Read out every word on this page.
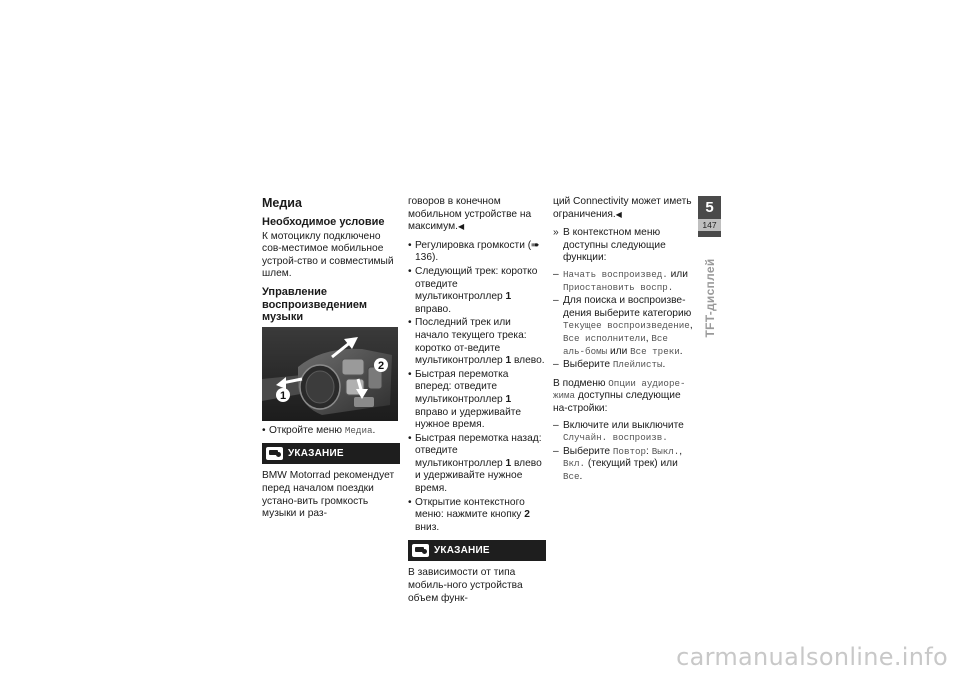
Медиа
Необходимое условие

К мотоциклу подключено сов-местимое мобильное устрой-ство и совместимый шлем.

Управление воспроизведением музыки
1
2
• Откройте меню Медиа.
УКАЗАНИЕ

BMW Motorrad рекомендует перед началом поездки устано-вить громкость музыки и раз-

говоров в конечном мобильном устройстве на максимум.◀

• Регулировка громкости (➠ 136).
• Следующий трек: коротко отведите мультиконтроллер 1 вправо.
• Последний трек или начало текущего трека: коротко от-ведите мультиконтроллер 1 влево.
• Быстрая перемотка вперед: отведите мультиконтроллер 1 вправо и удерживайте нужное время.
• Быстрая перемотка назад: отведите мультиконтроллер 1 влево и удерживайте нужное время.
• Открытие контекстного меню: нажмите кнопку 2 вниз.
УКАЗАНИЕ

В зависимости от типа мобиль-ного устройства объем функ-

ций Connectivity может иметь ограничения.◀

» В контекстном меню доступны следующие функции:

– Начать воспроизвед. или Приостановить воспр.
– Для поиска и воспроизве-дения выберите категорию Текущее воспроизведение, Все исполнители, Все аль-бомы или Все треки.
– Выберите Плейлисты.

В подменю Опции аудиоре-жима доступны следующие на-стройки:

– Включите или выключите Случайн. воспроизв.
– Выберите Повтор: Выкл., Вкл. (текущий трек) или Все.
5
147
TFT-дисплей
carmanualsonline.info
